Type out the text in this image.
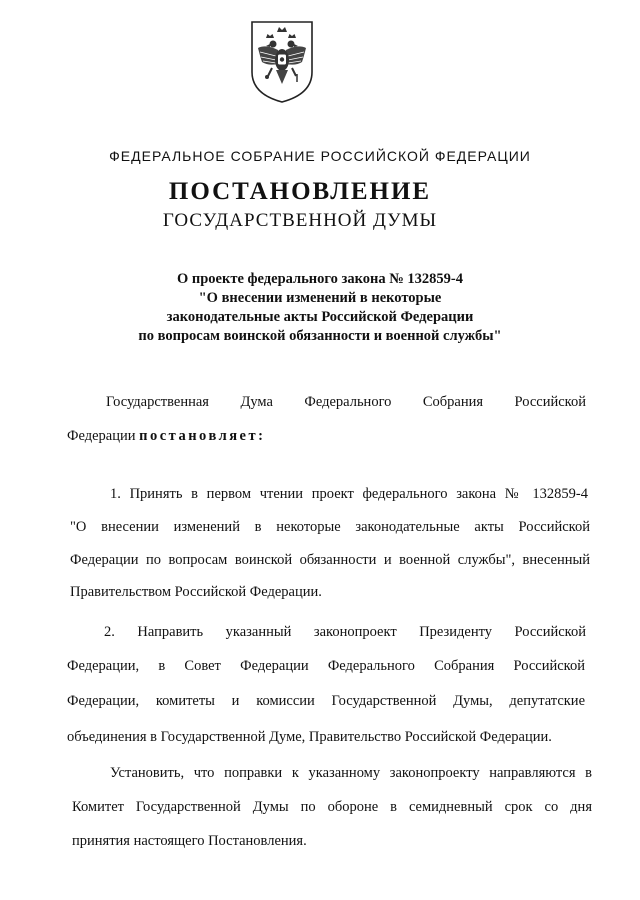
ФЕДЕРАЛЬНОЕ СОБРАНИЕ РОССИЙСКОЙ ФЕДЕРАЦИИ
ПОСТАНОВЛЕНИЕ
ГОСУДАРСТВЕННОЙ ДУМЫ
О проекте федерального закона № 132859-4
"О внесении изменений в некоторые
законодательные акты Российской Федерации
по вопросам воинской обязанности и военной службы"
Государственная Дума Федерального Собрания Российской
Федерации постановляет:
1. Принять в первом чтении проект федерального закона № 132859-4
"О внесении изменений в некоторые законодательные акты Российской
Федерации по вопросам воинской обязанности и военной службы", внесенный
Правительством Российской Федерации.
2. Направить указанный законопроект Президенту Российской
Федерации, в Совет Федерации Федерального Собрания Российской
Федерации, комитеты и комиссии Государственной Думы, депутатские
объединения в Государственной Думе, Правительство Российской Федерации.
Установить, что поправки к указанному законопроекту направляются в
Комитет Государственной Думы по обороне в семидневный срок со дня
принятия настоящего Постановления.
